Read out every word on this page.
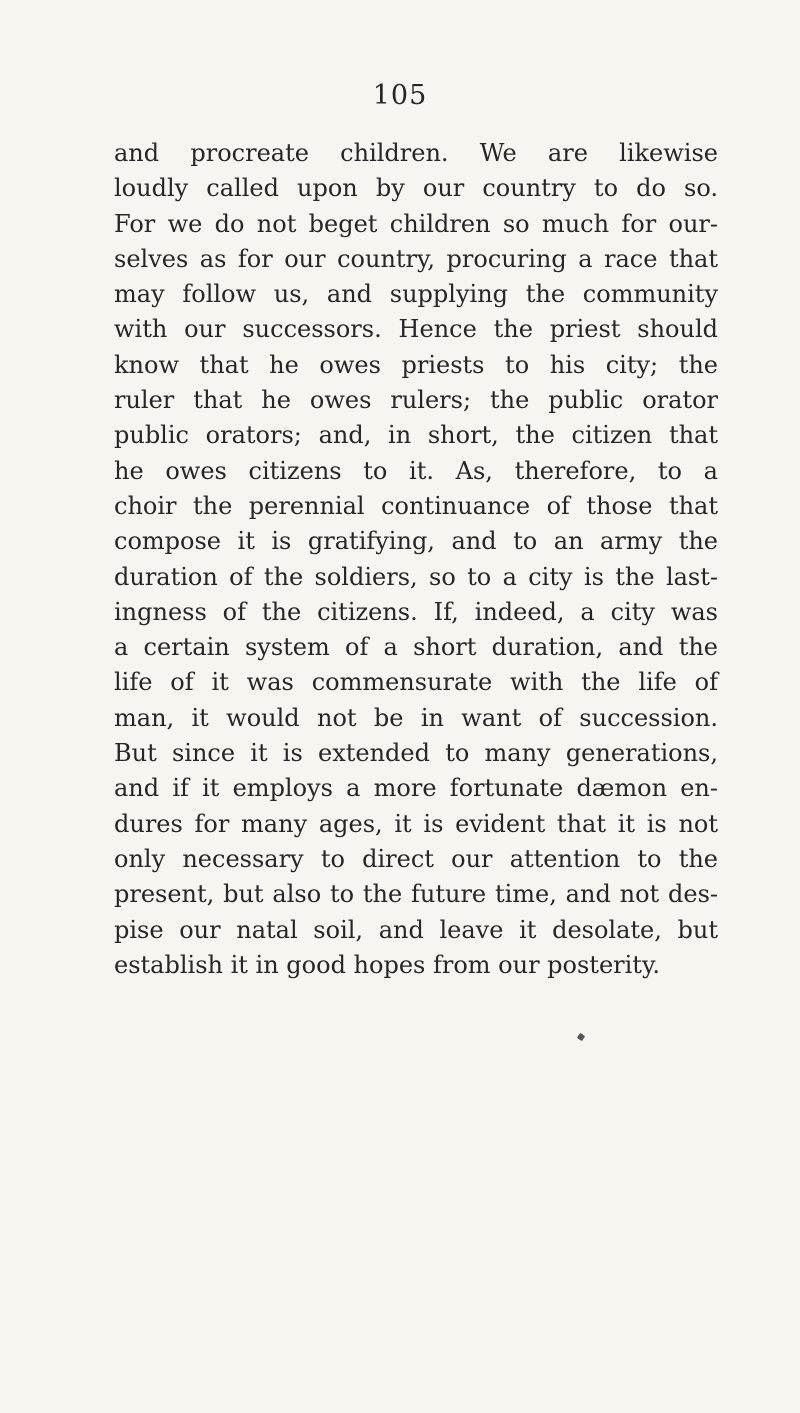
105
and procreate children. We are likewise
loudly called upon by our country to do so.
For we do not beget children so much for our-
selves as for our country, procuring a race that
may follow us, and supplying the community
with our successors. Hence the priest should
know that he owes priests to his city; the
ruler that he owes rulers; the public orator
public orators; and, in short, the citizen that
he owes citizens to it. As, therefore, to a
choir the perennial continuance of those that
compose it is gratifying, and to an army the
duration of the soldiers, so to a city is the last-
ingness of the citizens. If, indeed, a city was
a certain system of a short duration, and the
life of it was commensurate with the life of
man, it would not be in want of succession.
But since it is extended to many generations,
and if it employs a more fortunate dæmon en-
dures for many ages, it is evident that it is not
only necessary to direct our attention to the
present, but also to the future time, and not des-
pise our natal soil, and leave it desolate, but
establish it in good hopes from our posterity.
